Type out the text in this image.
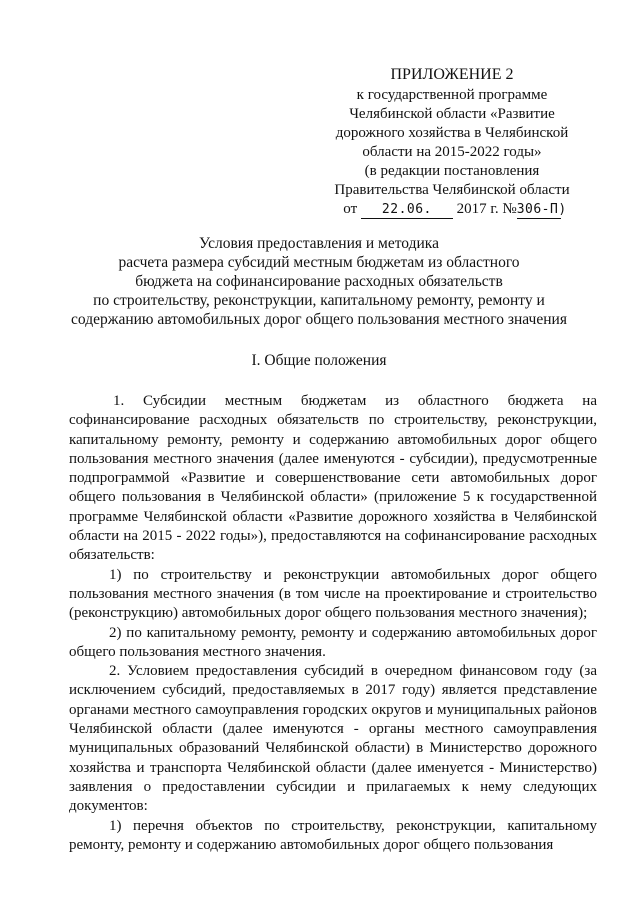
ПРИЛОЖЕНИЕ 2
к государственной программе
Челябинской области «Развитие
дорожного хозяйства в Челябинской
области на 2015-2022 годы»
(в редакции постановления
Правительства Челябинской области
от 22.06. 2017 г. №306-П)
Условия предоставления и методика
расчета размера субсидий местным бюджетам из областного
бюджета на софинансирование расходных обязательств
по строительству, реконструкции, капитальному ремонту, ремонту и
содержанию автомобильных дорог общего пользования местного значения
I. Общие положения

1. Субсидии местным бюджетам из областного бюджета на софинансирование расходных обязательств по строительству, реконструкции, капитальному ремонту, ремонту и содержанию автомобильных дорог общего пользования местного значения (далее именуются - субсидии), предусмотренные подпрограммой «Развитие и совершенствование сети автомобильных дорог общего пользования в Челябинской области» (приложение 5 к государственной программе Челябинской области «Развитие дорожного хозяйства в Челябинской области на 2015 - 2022 годы»), предоставляются на софинансирование расходных обязательств:

1) по строительству и реконструкции автомобильных дорог общего пользования местного значения (в том числе на проектирование и строительство (реконструкцию) автомобильных дорог общего пользования местного значения);

2) по капитальному ремонту, ремонту и содержанию автомобильных дорог общего пользования местного значения.

2. Условием предоставления субсидий в очередном финансовом году (за исключением субсидий, предоставляемых в 2017 году) является представление органами местного самоуправления городских округов и муниципальных районов Челябинской области (далее именуются - органы местного самоуправления муниципальных образований Челябинской области) в Министерство дорожного хозяйства и транспорта Челябинской области (далее именуется - Министерство) заявления о предоставлении субсидии и прилагаемых к нему следующих документов:

1) перечня объектов по строительству, реконструкции, капитальному ремонту, ремонту и содержанию автомобильных дорог общего пользования
